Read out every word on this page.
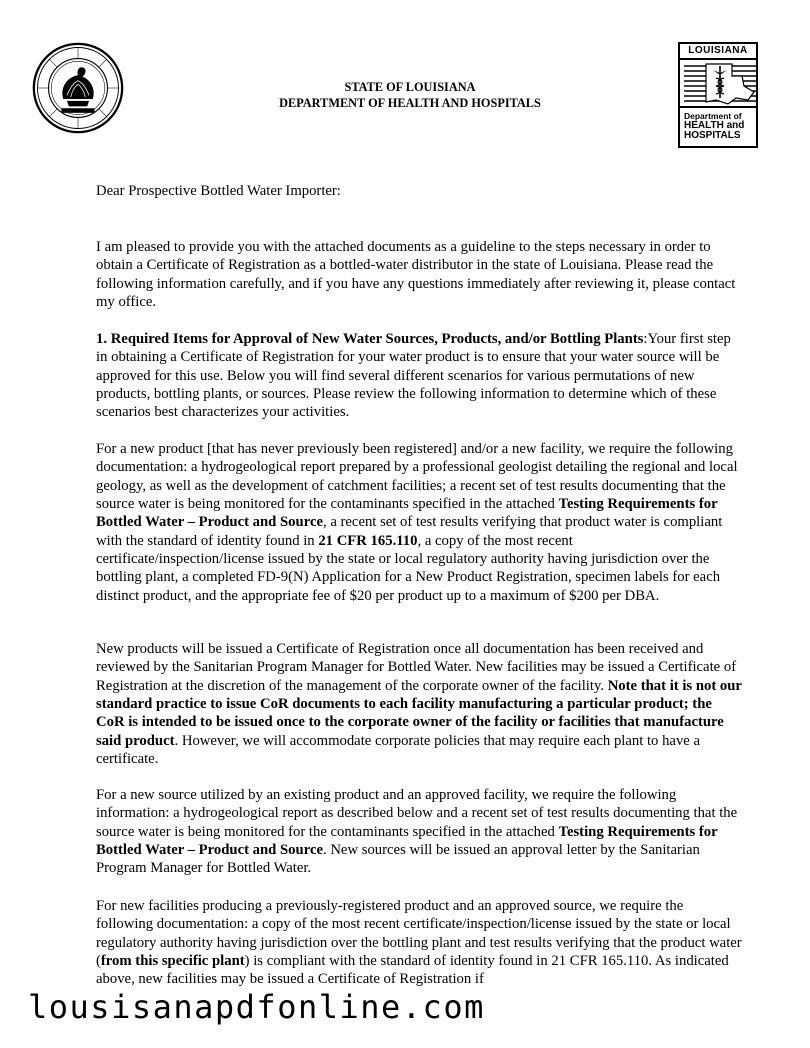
STATE OF LOUISIANA
DEPARTMENT OF HEALTH AND HOSPITALS
LOUISIANA
Department of
HEALTH and
HOSPITALS

Dear Prospective Bottled Water Importer:

I am pleased to provide you with the attached documents as a guideline to the steps necessary in order to obtain a Certificate of Registration as a bottled-water distributor in the state of Louisiana. Please read the following information carefully, and if you have any questions immediately after reviewing it, please contact my office.

1. Required Items for Approval of New Water Sources, Products, and/or Bottling Plants:Your first step in obtaining a Certificate of Registration for your water product is to ensure that your water source will be approved for this use. Below you will find several different scenarios for various permutations of new products, bottling plants, or sources. Please review the following information to determine which of these scenarios best characterizes your activities.

For a new product [that has never previously been registered] and/or a new facility, we require the following documentation: a hydrogeological report prepared by a professional geologist detailing the regional and local geology, as well as the development of catchment facilities; a recent set of test results documenting that the source water is being monitored for the contaminants specified in the attached Testing Requirements for Bottled Water – Product and Source, a recent set of test results verifying that product water is compliant with the standard of identity found in 21 CFR 165.110, a copy of the most recent certificate/inspection/license issued by the state or local regulatory authority having jurisdiction over the bottling plant, a completed FD-9(N) Application for a New Product Registration, specimen labels for each distinct product, and the appropriate fee of $20 per product up to a maximum of $200 per DBA.

New products will be issued a Certificate of Registration once all documentation has been received and reviewed by the Sanitarian Program Manager for Bottled Water. New facilities may be issued a Certificate of Registration at the discretion of the management of the corporate owner of the facility. Note that it is not our standard practice to issue CoR documents to each facility manufacturing a particular product; the CoR is intended to be issued once to the corporate owner of the facility or facilities that manufacture said product. However, we will accommodate corporate policies that may require each plant to have a certificate.

For a new source utilized by an existing product and an approved facility, we require the following information: a hydrogeological report as described below and a recent set of test results documenting that the source water is being monitored for the contaminants specified in the attached Testing Requirements for Bottled Water – Product and Source. New sources will be issued an approval letter by the Sanitarian Program Manager for Bottled Water.

For new facilities producing a previously-registered product and an approved source, we require the following documentation: a copy of the most recent certificate/inspection/license issued by the state or local regulatory authority having jurisdiction over the bottling plant and test results verifying that the product water (from this specific plant) is compliant with the standard of identity found in 21 CFR 165.110. As indicated above, new facilities may be issued a Certificate of Registration if

lousisanapdfonline.com
